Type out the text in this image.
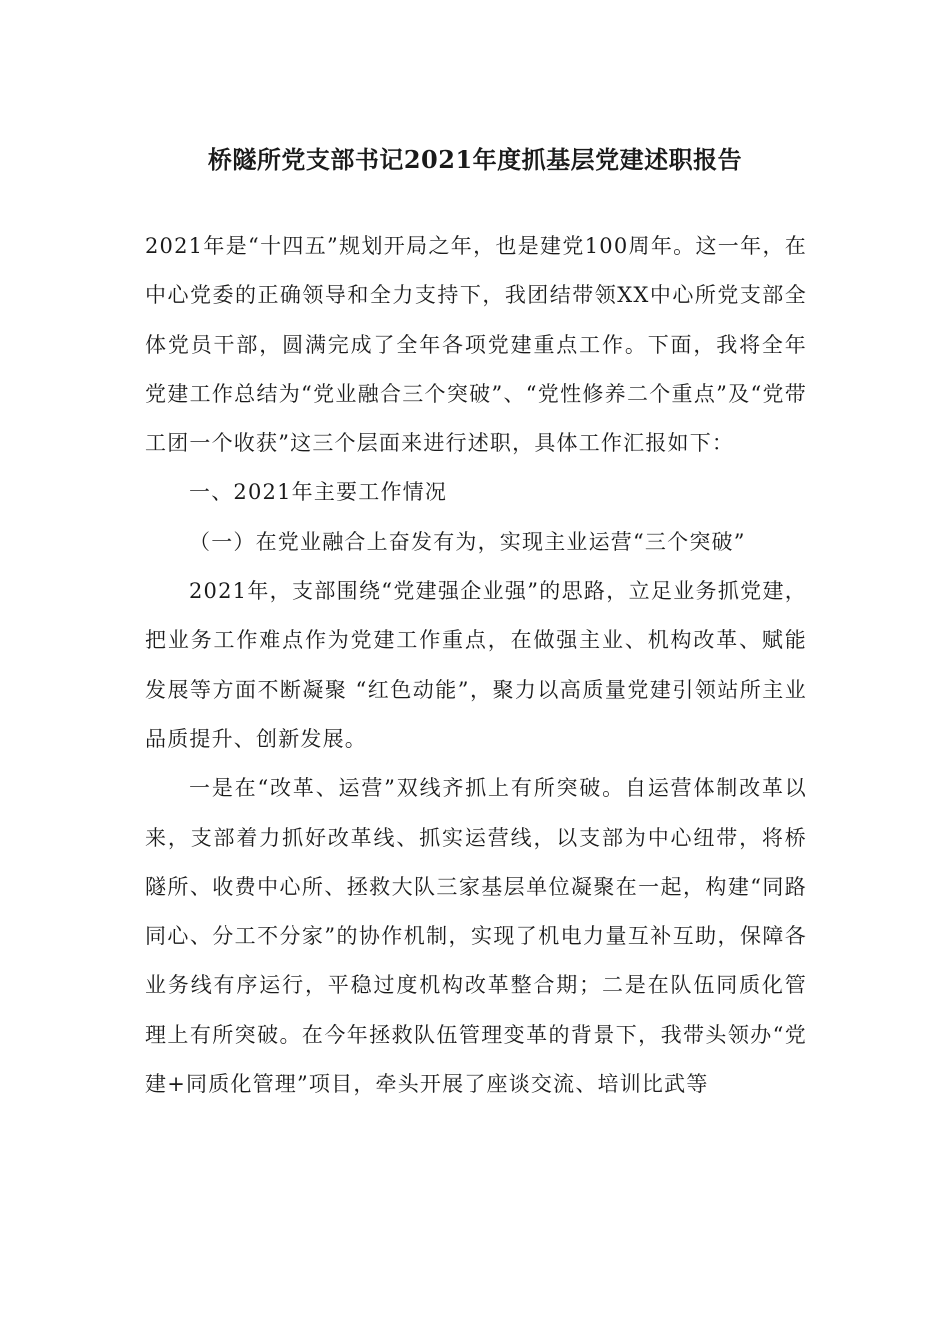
桥隧所党支部书记2021年度抓基层党建述职报告

2021年是“十四五”规划开局之年，也是建党100周年。这一年，在中心党委的正确领导和全力支持下，我团结带领XX中心所党支部全体党员干部，圆满完成了全年各项党建重点工作。下面，我将全年党建工作总结为“党业融合三个突破”、“党性修养二个重点”及“党带工团一个收获”这三个层面来进行述职，具体工作汇报如下：

一、2021年主要工作情况

（一）在党业融合上奋发有为，实现主业运营“三个突破”

2021年，支部围绕“党建强企业强”的思路，立足业务抓党建，把业务工作难点作为党建工作重点，在做强主业、机构改革、赋能发展等方面不断凝聚 “红色动能”，聚力以高质量党建引领站所主业品质提升、创新发展。

一是在“改革、运营”双线齐抓上有所突破。自运营体制改革以来，支部着力抓好改革线、抓实运营线，以支部为中心纽带，将桥隧所、收费中心所、拯救大队三家基层单位凝聚在一起，构建“同路同心、分工不分家”的协作机制，实现了机电力量互补互助，保障各业务线有序运行，平稳过度机构改革整合期；二是在队伍同质化管理上有所突破。在今年拯救队伍管理变革的背景下，我带头领办“党建+同质化管理”项目，牵头开展了座谈交流、培训比武等
